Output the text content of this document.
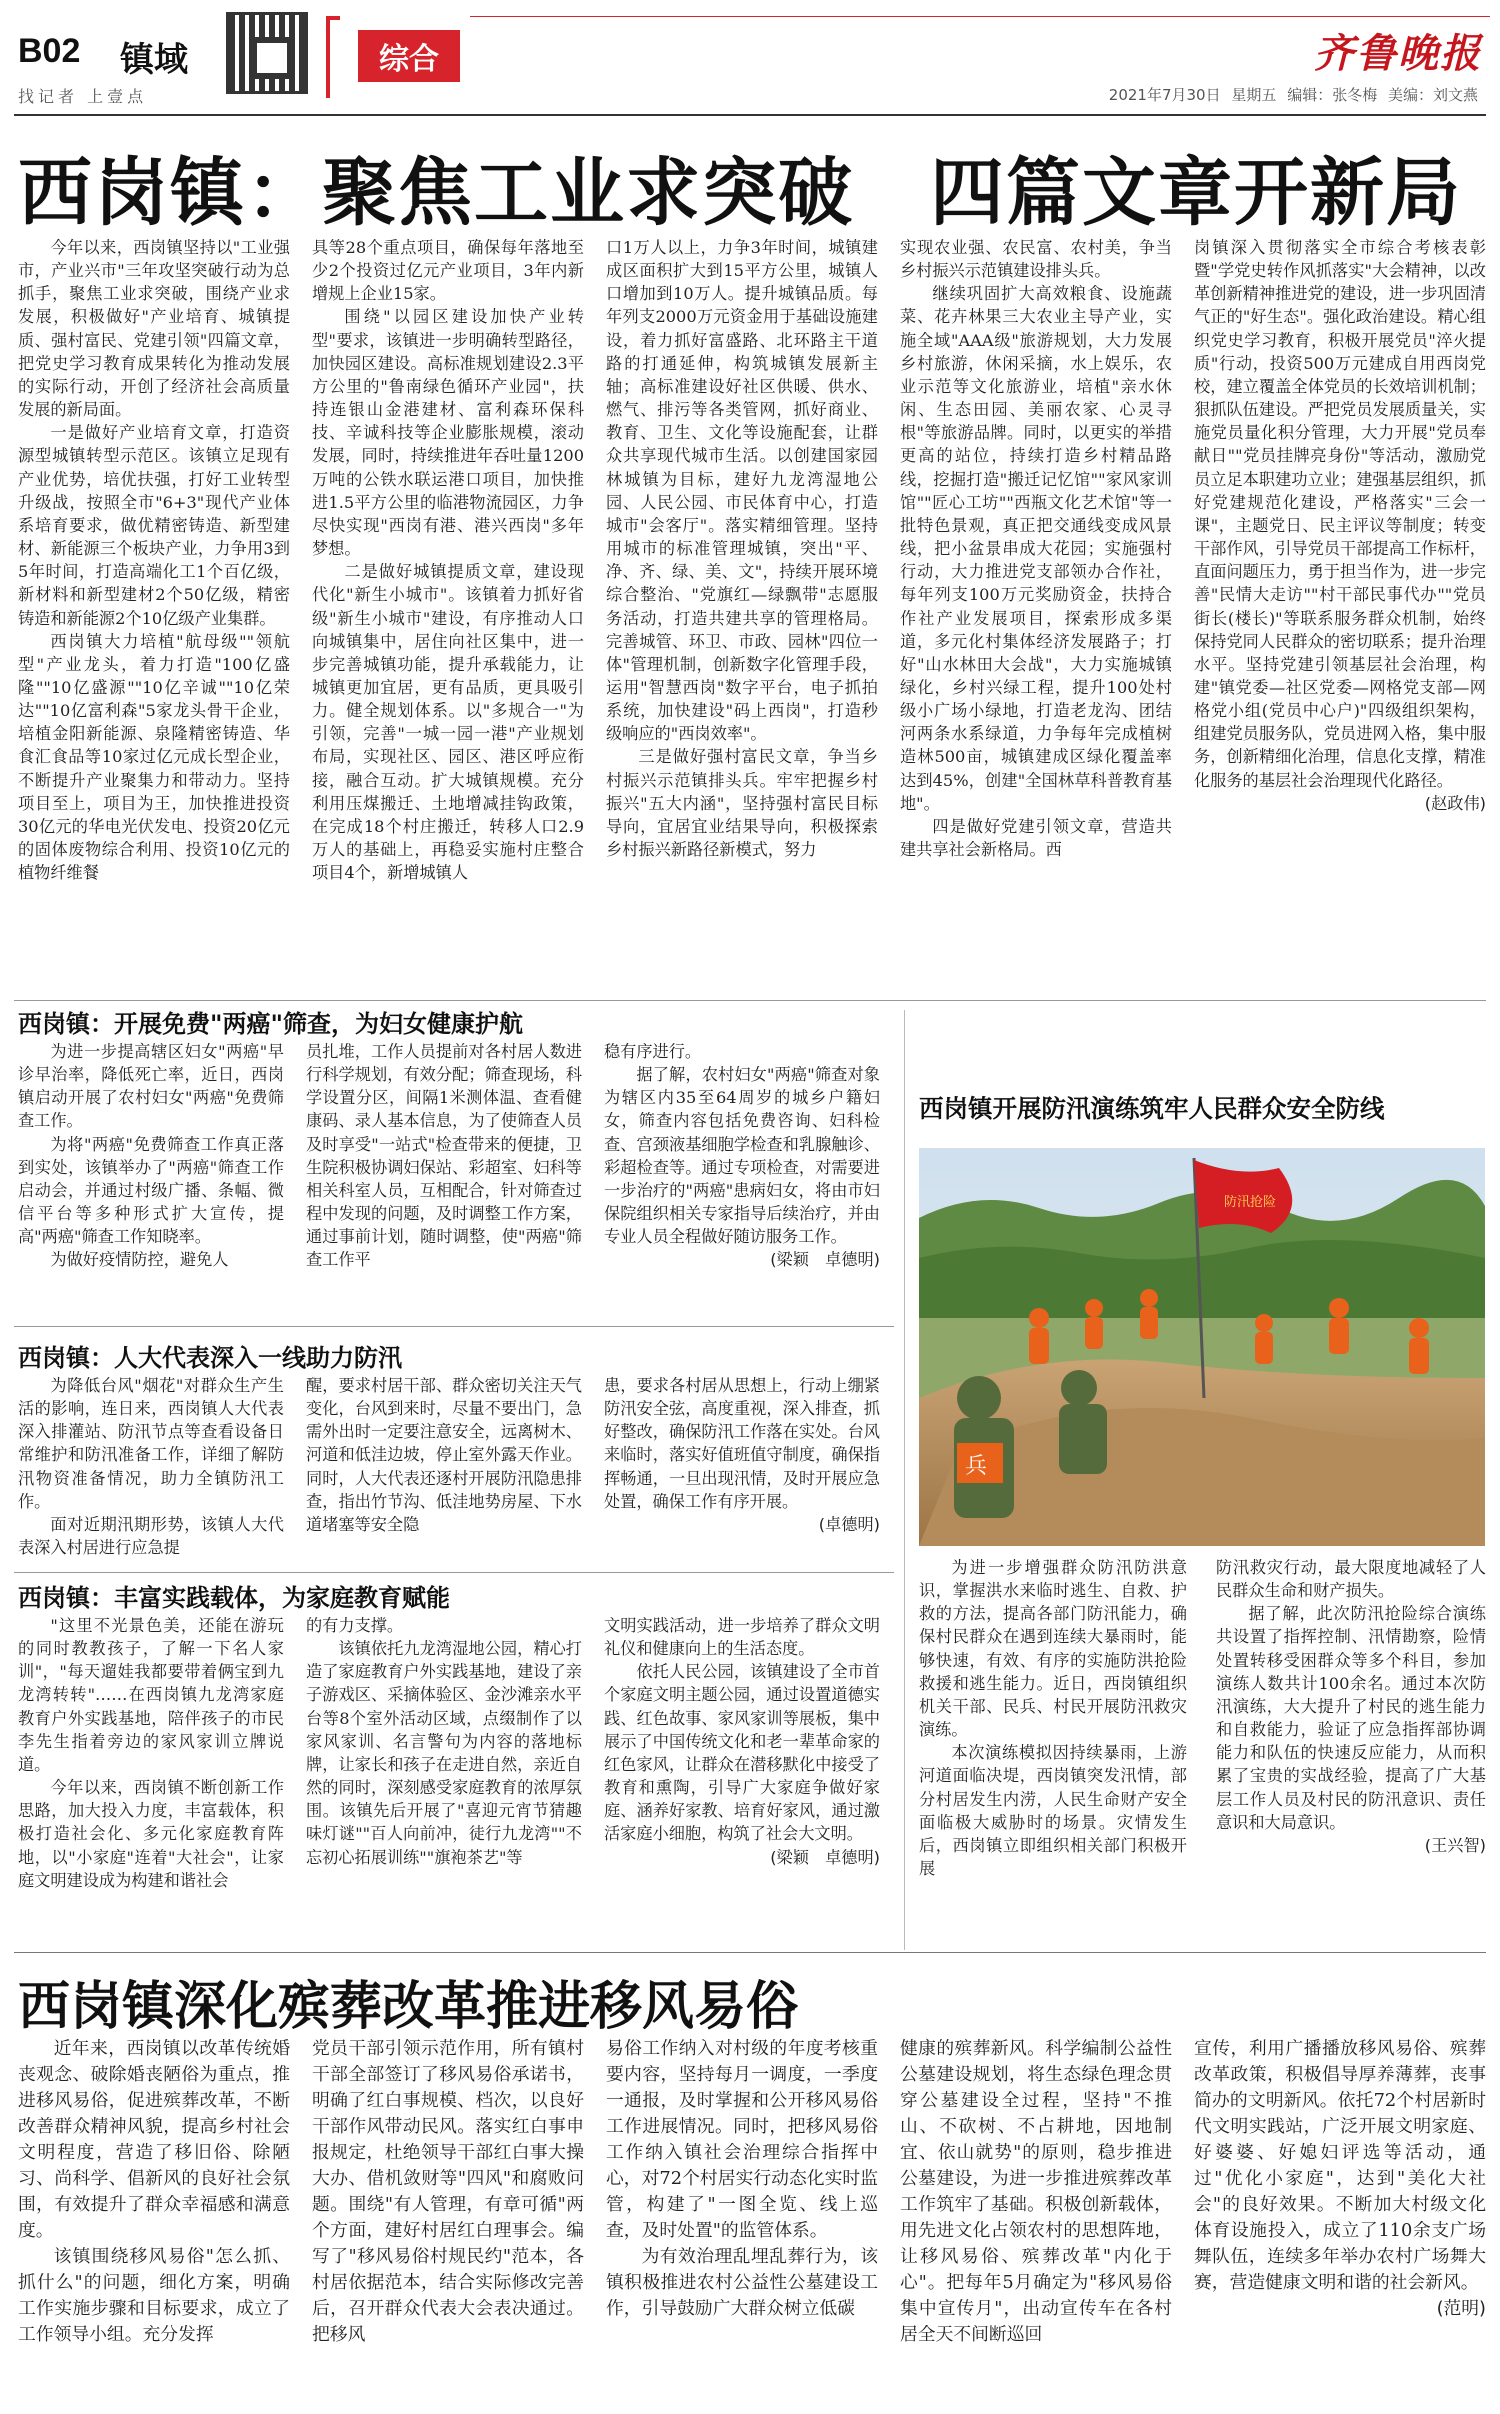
B02 镇域
找记者 上壹点
综合	齐鲁晚报
2021年7月30日 星期五 编辑：张冬梅 美编：刘文燕
西岗镇：聚焦工业求突破　四篇文章开新局

今年以来，西岗镇坚持以"工业强市，产业兴市"三年攻坚突破行动为总抓手，聚焦工业求突破，围绕产业求发展，积极做好"产业培育、城镇提质、强村富民、党建引领"四篇文章，把党史学习教育成果转化为推动发展的实际行动，开创了经济社会高质量发展的新局面。

一是做好产业培育文章，打造资源型城镇转型示范区。该镇立足现有产业优势，培优扶强，打好工业转型升级战，按照全市"6+3"现代产业体系培育要求，做优精密铸造、新型建材、新能源三个板块产业，力争用3到5年时间，打造高端化工1个百亿级，新材料和新型建材2个50亿级，精密铸造和新能源2个10亿级产业集群。

西岗镇大力培植"航母级""领航型"产业龙头，着力打造"100亿盛隆""10亿盛源""10亿辛诚""10亿荣达""10亿富利森"5家龙头骨干企业，培植金阳新能源、泉隆精密铸造、华食汇食品等10家过亿元成长型企业，不断提升产业聚集力和带动力。坚持项目至上，项目为王，加快推进投资30亿元的华电光伏发电、投资20亿元的固体废物综合利用、投资10亿元的植物纤维餐

具等28个重点项目，确保每年落地至少2个投资过亿元产业项目，3年内新增规上企业15家。

围绕"以园区建设加快产业转型"要求，该镇进一步明确转型路径，加快园区建设。高标准规划建设2.3平方公里的"鲁南绿色循环产业园"，扶持连银山金港建材、富利森环保科技、辛诚科技等企业膨胀规模，滚动发展，同时，持续推进年吞吐量1200万吨的公铁水联运港口项目，加快推进1.5平方公里的临港物流园区，力争尽快实现"西岗有港、港兴西岗"多年梦想。

二是做好城镇提质文章，建设现代化"新生小城市"。该镇着力抓好省级"新生小城市"建设，有序推动人口向城镇集中，居住向社区集中，进一步完善城镇功能，提升承载能力，让城镇更加宜居，更有品质，更具吸引力。健全规划体系。以"多规合一"为引领，完善"一城一园一港"产业规划布局，实现社区、园区、港区呼应衔接，融合互动。扩大城镇规模。充分利用压煤搬迁、土地增减挂钩政策，在完成18个村庄搬迁，转移人口2.9万人的基础上，再稳妥实施村庄整合项目4个，新增城镇人

口1万人以上，力争3年时间，城镇建成区面积扩大到15平方公里，城镇人口增加到10万人。提升城镇品质。每年列支2000万元资金用于基础设施建设，着力抓好富盛路、北环路主干道路的打通延伸，构筑城镇发展新主轴；高标准建设好社区供暖、供水、燃气、排污等各类管网，抓好商业、教育、卫生、文化等设施配套，让群众共享现代城市生活。以创建国家园林城镇为目标，建好九龙湾湿地公园、人民公园、市民体育中心，打造城市"会客厅"。落实精细管理。坚持用城市的标准管理城镇，突出"平、净、齐、绿、美、文"，持续开展环境综合整治、"党旗红—绿飘带"志愿服务活动，打造共建共享的管理格局。完善城管、环卫、市政、园林"四位一体"管理机制，创新数字化管理手段，运用"智慧西岗"数字平台，电子抓拍系统，加快建设"码上西岗"，打造秒级响应的"西岗效率"。

三是做好强村富民文章，争当乡村振兴示范镇排头兵。牢牢把握乡村振兴"五大内涵"，坚持强村富民目标导向，宜居宜业结果导向，积极探索乡村振兴新路径新模式，努力

实现农业强、农民富、农村美，争当乡村振兴示范镇建设排头兵。

继续巩固扩大高效粮食、设施蔬菜、花卉林果三大农业主导产业，实施全域"AAA级"旅游规划，大力发展乡村旅游，休闲采摘，水上娱乐，农业示范等文化旅游业，培植"亲水休闲、生态田园、美丽农家、心灵寻根"等旅游品牌。同时，以更实的举措更高的站位，持续打造乡村精品路线，挖掘打造"搬迁记忆馆""家风家训馆""匠心工坊""西瓶文化艺术馆"等一批特色景观，真正把交通线变成风景线，把小盆景串成大花园；实施强村行动，大力推进党支部领办合作社，每年列支100万元奖励资金，扶持合作社产业发展项目，探索形成多渠道，多元化村集体经济发展路子；打好"山水林田大会战"，大力实施城镇绿化，乡村兴绿工程，提升100处村级小广场小绿地，打造老龙沟、团结河两条水系绿道，力争每年完成植树造林500亩，城镇建成区绿化覆盖率达到45%，创建"全国林草科普教育基地"。

四是做好党建引领文章，营造共建共享社会新格局。西

岗镇深入贯彻落实全市综合考核表彰暨"学党史转作风抓落实"大会精神，以改革创新精神推进党的建设，进一步巩固清气正的"好生态"。强化政治建设。精心组织党史学习教育，积极开展党员"淬火提质"行动，投资500万元建成自用西岗党校，建立覆盖全体党员的长效培训机制；狠抓队伍建设。严把党员发展质量关，实施党员量化积分管理，大力开展"党员奉献日""党员挂牌亮身份"等活动，激励党员立足本职建功立业；建强基层组织，抓好党建规范化建设，严格落实"三会一课"，主题党日、民主评议等制度；转变干部作风，引导党员干部提高工作标杆，直面问题压力，勇于担当作为，进一步完善"民情大走访""村干部民事代办""党员街长(楼长)"等联系服务群众机制，始终保持党同人民群众的密切联系；提升治理水平。坚持党建引领基层社会治理，构建"镇党委—社区党委—网格党支部—网格党小组(党员中心户)"四级组织架构，组建党员服务队，党员进网入格，集中服务，创新精细化治理，信息化支撑，精准化服务的基层社会治理现代化路径。

(赵政伟)

西岗镇：开展免费"两癌"筛查，为妇女健康护航

为进一步提高辖区妇女"两癌"早诊早治率，降低死亡率，近日，西岗镇启动开展了农村妇女"两癌"免费筛查工作。

为将"两癌"免费筛查工作真正落到实处，该镇举办了"两癌"筛查工作启动会，并通过村级广播、条幅、微信平台等多种形式扩大宣传，提高"两癌"筛查工作知晓率。

为做好疫情防控，避免人

员扎堆，工作人员提前对各村居人数进行科学规划，有效分配；筛查现场，科学设置分区，间隔1米测体温、查看健康码、录人基本信息，为了使筛查人员及时享受"一站式"检查带来的便捷，卫生院积极协调妇保站、彩超室、妇科等相关科室人员，互相配合，针对筛查过程中发现的问题，及时调整工作方案，通过事前计划，随时调整，使"两癌"筛查工作平

稳有序进行。

据了解，农村妇女"两癌"筛查对象为辖区内35至64周岁的城乡户籍妇女，筛查内容包括免费咨询、妇科检查、宫颈液基细胞学检查和乳腺触诊、彩超检查等。通过专项检查，对需要进一步治疗的"两癌"患病妇女，将由市妇保院组织相关专家指导后续治疗，并由专业人员全程做好随访服务工作。

(梁颖　卓德明)

西岗镇：人大代表深入一线助力防汛

为降低台风"烟花"对群众生产生活的影响，连日来，西岗镇人大代表深入排灌站、防汛节点等查看设备日常维护和防汛准备工作，详细了解防汛物资准备情况，助力全镇防汛工作。

面对近期汛期形势，该镇人大代表深入村居进行应急提

醒，要求村居干部、群众密切关注天气变化，台风到来时，尽量不要出门，急需外出时一定要注意安全，远离树木、河道和低洼边坡，停止室外露天作业。同时，人大代表还逐村开展防汛隐患排查，指出竹节沟、低洼地势房屋、下水道堵塞等安全隐

患，要求各村居从思想上，行动上绷紧防汛安全弦，高度重视，深入排查，抓好整改，确保防汛工作落在实处。台风来临时，落实好值班值守制度，确保指挥畅通，一旦出现汛情，及时开展应急处置，确保工作有序开展。

(卓德明)

西岗镇：丰富实践载体，为家庭教育赋能

"这里不光景色美，还能在游玩的同时教教孩子，了解一下名人家训"，"每天遛娃我都要带着俩宝到九龙湾转转"……在西岗镇九龙湾家庭教育户外实践基地，陪伴孩子的市民李先生指着旁边的家风家训立牌说道。

今年以来，西岗镇不断创新工作思路，加大投入力度，丰富载体，积极打造社会化、多元化家庭教育阵地，以"小家庭"连着"大社会"，让家庭文明建设成为构建和谐社会

的有力支撑。

该镇依托九龙湾湿地公园，精心打造了家庭教育户外实践基地，建设了亲子游戏区、采摘体验区、金沙滩亲水平台等8个室外活动区域，点缀制作了以家风家训、名言警句为内容的落地标牌，让家长和孩子在走进自然，亲近自然的同时，深刻感受家庭教育的浓厚氛围。该镇先后开展了"喜迎元宵节猜趣味灯谜""百人向前冲，徒行九龙湾""不忘初心拓展训练""旗袍茶艺"等

文明实践活动，进一步培养了群众文明礼仪和健康向上的生活态度。

依托人民公园，该镇建设了全市首个家庭文明主题公园，通过设置道德实践、红色故事、家风家训等展板，集中展示了中国传统文化和老一辈革命家的红色家风，让群众在潜移默化中接受了教育和熏陶，引导广大家庭争做好家庭、涵养好家教、培育好家风，通过激活家庭小细胞，构筑了社会大文明。

(梁颖　卓德明)

西岗镇开展防汛演练筑牢人民群众安全防线
防汛抢险
兵

为进一步增强群众防汛防洪意识，掌握洪水来临时逃生、自救、护救的方法，提高各部门防汛能力，确保村民群众在遇到连续大暴雨时，能够快速，有效、有序的实施防洪抢险救援和逃生能力。近日，西岗镇组织机关干部、民兵、村民开展防汛救灾演练。

本次演练模拟因持续暴雨，上游河道面临决堤，西岗镇突发汛情，部分村居发生内涝，人民生命财产安全面临极大威胁时的场景。灾情发生后，西岗镇立即组织相关部门积极开展

防汛救灾行动，最大限度地减轻了人民群众生命和财产损失。

据了解，此次防汛抢险综合演练共设置了指挥控制、汛情勘察，险情处置转移受困群众等多个科目，参加演练人数共计100余名。通过本次防汛演练，大大提升了村民的逃生能力和自救能力，验证了应急指挥部协调能力和队伍的快速反应能力，从而积累了宝贵的实战经验，提高了广大基层工作人员及村民的防汛意识、责任意识和大局意识。

(王兴智)

西岗镇深化殡葬改革推进移风易俗

近年来，西岗镇以改革传统婚丧观念、破除婚丧陋俗为重点，推进移风易俗，促进殡葬改革，不断改善群众精神风貌，提高乡村社会文明程度，营造了移旧俗、除陋习、尚科学、倡新风的良好社会氛围，有效提升了群众幸福感和满意度。

该镇围绕移风易俗"怎么抓、抓什么"的问题，细化方案，明确工作实施步骤和目标要求，成立了工作领导小组。充分发挥

党员干部引领示范作用，所有镇村干部全部签订了移风易俗承诺书，明确了红白事规模、档次，以良好干部作风带动民风。落实红白事申报规定，杜绝领导干部红白事大操大办、借机敛财等"四风"和腐败问题。围绕"有人管理，有章可循"两个方面，建好村居红白理事会。编写了"移风易俗村规民约"范本，各村居依据范本，结合实际修改完善后，召开群众代表大会表决通过。把移风

易俗工作纳入对村级的年度考核重要内容，坚持每月一调度，一季度一通报，及时掌握和公开移风易俗工作进展情况。同时，把移风易俗工作纳入镇社会治理综合指挥中心，对72个村居实行动态化实时监管，构建了"一图全览、线上巡查，及时处置"的监管体系。

为有效治理乱埋乱葬行为，该镇积极推进农村公益性公墓建设工作，引导鼓励广大群众树立低碳

健康的殡葬新风。科学编制公益性公墓建设规划，将生态绿色理念贯穿公墓建设全过程，坚持"不推山、不砍树、不占耕地，因地制宜、依山就势"的原则，稳步推进公墓建设，为进一步推进殡葬改革工作筑牢了基础。积极创新载体，用先进文化占领农村的思想阵地，让移风易俗、殡葬改革"内化于心"。把每年5月确定为"移风易俗集中宣传月"，出动宣传车在各村居全天不间断巡回

宣传，利用广播播放移风易俗、殡葬改革政策，积极倡导厚养薄葬，丧事简办的文明新风。依托72个村居新时代文明实践站，广泛开展文明家庭、好婆婆、好媳妇评选等活动，通过"优化小家庭"，达到"美化大社会"的良好效果。不断加大村级文化体育设施投入，成立了110余支广场舞队伍，连续多年举办农村广场舞大赛，营造健康文明和谐的社会新风。

(范明)
